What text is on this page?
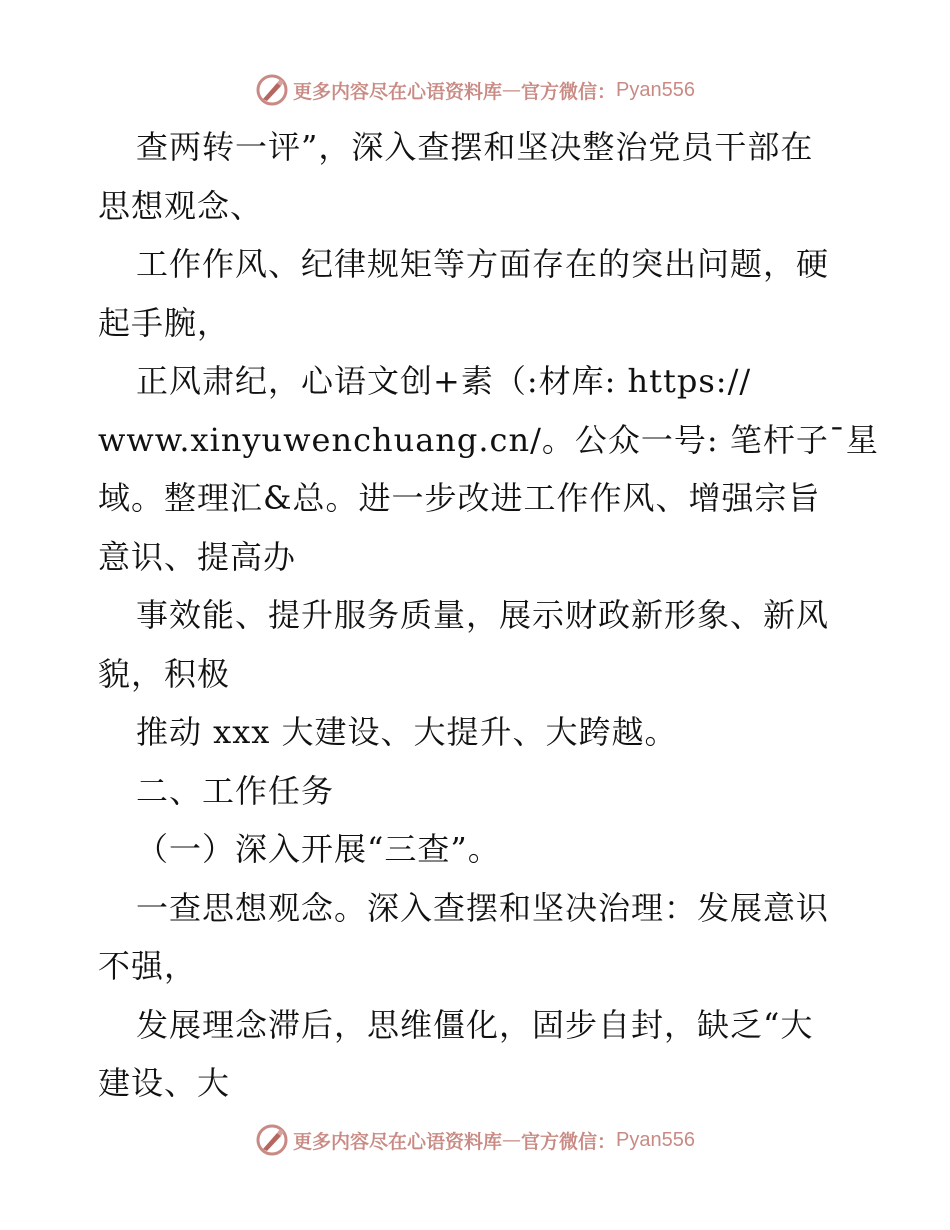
更多内容尽在心语资料库 — 官方微信： Pyan556
查两转一评”，深入查摆和坚决整治党员干部在
思想观念、
工作作风、纪律规矩等方面存在的突出问题，硬
起手腕，
正风肃纪，心语文创+素（:材库: https://
www.xinyuwenchuang.cn/。公众一号: 笔杆子¯星
域。整理汇&总。进一步改进工作作风、增强宗旨
意识、提高办
事效能、提升服务质量，展示财政新形象、新风
貌，积极
推动 xxx 大建设、大提升、大跨越。
二、工作任务
（一）深入开展“三查”。
一查思想观念。深入查摆和坚决治理：发展意识
不强，
发展理念滞后，思维僵化，固步自封，缺乏“大
建设、大
更多内容尽在心语资料库 — 官方微信： Pyan556
